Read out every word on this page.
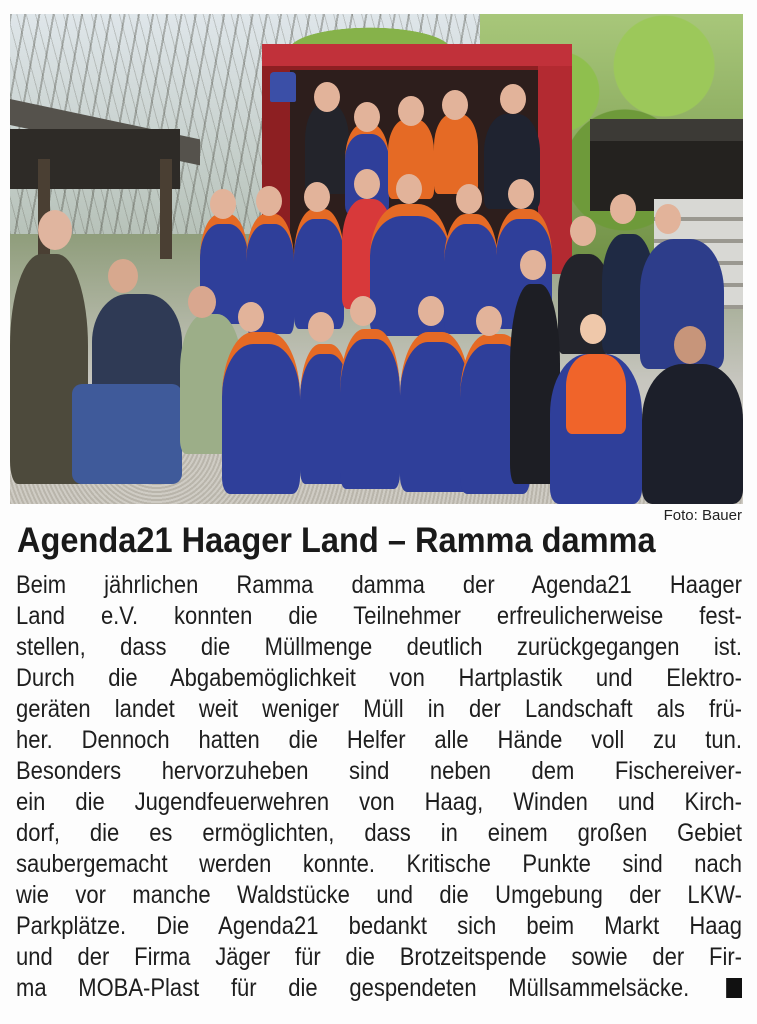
Foto: Bauer
Agenda21 Haager Land – Ramma damma
Beim jährlichen Ramma damma der Agenda21 Haager
Land e.V. konnten die Teilnehmer erfreulicherweise fest-
stellen, dass die Müllmenge deutlich zurückgegangen ist.
Durch die Abgabemöglichkeit von Hartplastik und Elektro-
geräten landet weit weniger Müll in der Landschaft als frü-
her. Dennoch hatten die Helfer alle Hände voll zu tun.
Besonders hervorzuheben sind neben dem Fischereiver-
ein die Jugendfeuerwehren von Haag, Winden und Kirch-
dorf, die es ermöglichten, dass in einem großen Gebiet
saubergemacht werden konnte. Kritische Punkte sind nach
wie vor manche Waldstücke und die Umgebung der LKW-
Parkplätze. Die Agenda21 bedankt sich beim Markt Haag
und der Firma Jäger für die Brotzeitspende sowie der Fir-
ma MOBA-Plast für die gespendeten Müllsammelsäcke.
